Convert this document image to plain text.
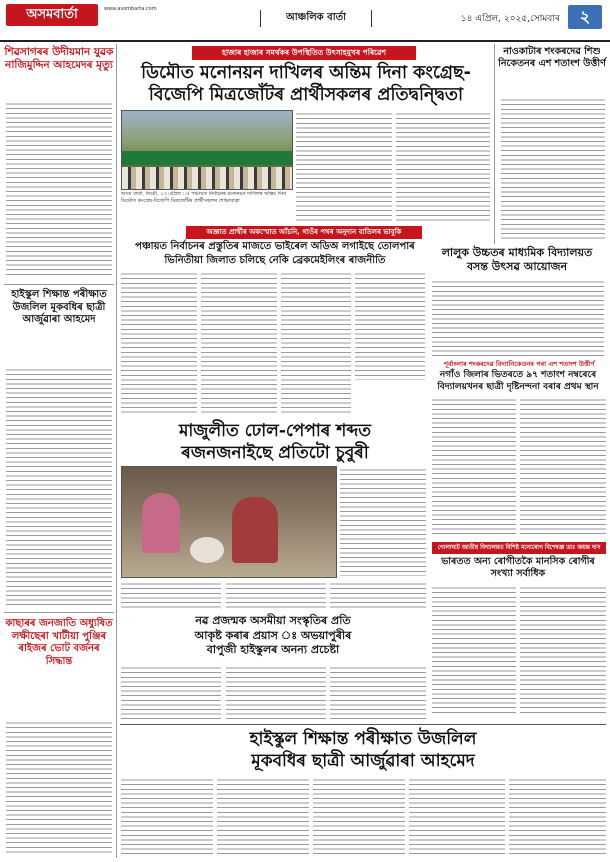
অসমবাৰ্তা	www.asombarta.com
আঞ্চলিক বাৰ্তা	১৪ এপ্ৰিল, ২০২৫,সোমবাৰ	২
শিৱসাগৰৰ উদীয়মান যুৱক নাজিমুদ্দিন আহমেদৰ মৃত্যু
হাইস্কুল শিক্ষান্ত পৰীক্ষাত উজলিল মূকবধিৰ ছাত্ৰী আৰ্জুৱাৰা আহমেদ
কাছাৰৰ জনজাতি অধ্যুষিত লক্ষীছেৰা খাটীয়া পুঞ্জিৰ ৰাইজৰ ভোট বৰ্জনৰ সিদ্ধান্ত
হাজাৰ হাজাৰ সমৰ্থকৰ উপস্থিতিত উৎসাহমুখৰ পৰিৱেশ
ডিমৌত মনোনয়ন দাখিলৰ অন্তিম দিনা কংগ্ৰেছ-
বিজেপি মিত্ৰজোঁটৰ প্ৰাৰ্থীসকলৰ প্ৰতিদ্বন্দ্বিতা
অসম বাৰ্তা, ডিমৌ, ১৩ এপ্ৰিল ঃ পঞ্চায়ত নিৰ্বাচনৰ মনোনয়ন দাখিলৰ অন্তিম দিনা ডিমৌত কংগ্ৰেছ-বিজেপি মিত্ৰজোঁটৰ প্ৰাৰ্থীসকলৰ শোভাযাত্ৰা
নাওকাটাৰ শংকৰদেৱ শিশু নিকেতনৰ এশ শতাংশ উত্তীৰ্ণ
লালুক উচ্চতৰ মাধ্যমিক বিদ্যালয়ত বসন্ত উৎসৱ আয়োজন
অজ্ঞাত প্ৰাৰ্থীৰ অকস্মোত আঁচনি, গাওঁৰ পথৰ অনুদান বাতিলৰ ভাবুকি
পঞ্চায়ত নিৰ্বাচনৰ প্ৰস্তুতিৰ মাজতে ভাইৰেল অডিঅ লগাইছে তোলপাৰ
ভিনিতীয়া জিলাত চলিছে নেকি ব্ৰেকমেইলিংৰ ৰাজনীতি
পূৰ্বাংলাৰ শংকৰদেৱ বিদ্যানিকেতনৰ পৰা এশ শতাংশ উত্তীৰ্ণ
নগাঁও জিলাৰ ভিতৰতে ৯৭ শতাংশ নম্বৰেৰে বিদ্যালয়খনৰ ছাত্ৰী দৃষ্টিনন্দনা বৰাৰ প্ৰথম স্থান
মাজুলীত ঢোল-পেপাৰ শব্দত
ৰজনজনাইছে প্ৰতিটো চুবুৰী
গোলাঘাট জাতীয় বিদ্যালয়ত বিশিষ্ট মনোৰোগ বিশেষজ্ঞ ডাঃ জয়ন্ত দাস
ভাৰতত অন্য ৰোগীতকৈ মানসিক ৰোগীৰ সংখ্যা সৰ্বাধিক
নৱ প্ৰজন্মক অসমীয়া সংস্কৃতিৰ প্ৰতি
আকৃষ্ট কৰাৰ প্ৰয়াস ঃ অভয়াপুৰীৰ
বাপুজী হাইস্কুলৰ অনন্য প্ৰচেষ্টা
হাইস্কুল শিক্ষান্ত পৰীক্ষাত উজলিল
মূকবধিৰ ছাত্ৰী আৰ্জুৱাৰা আহমেদ
